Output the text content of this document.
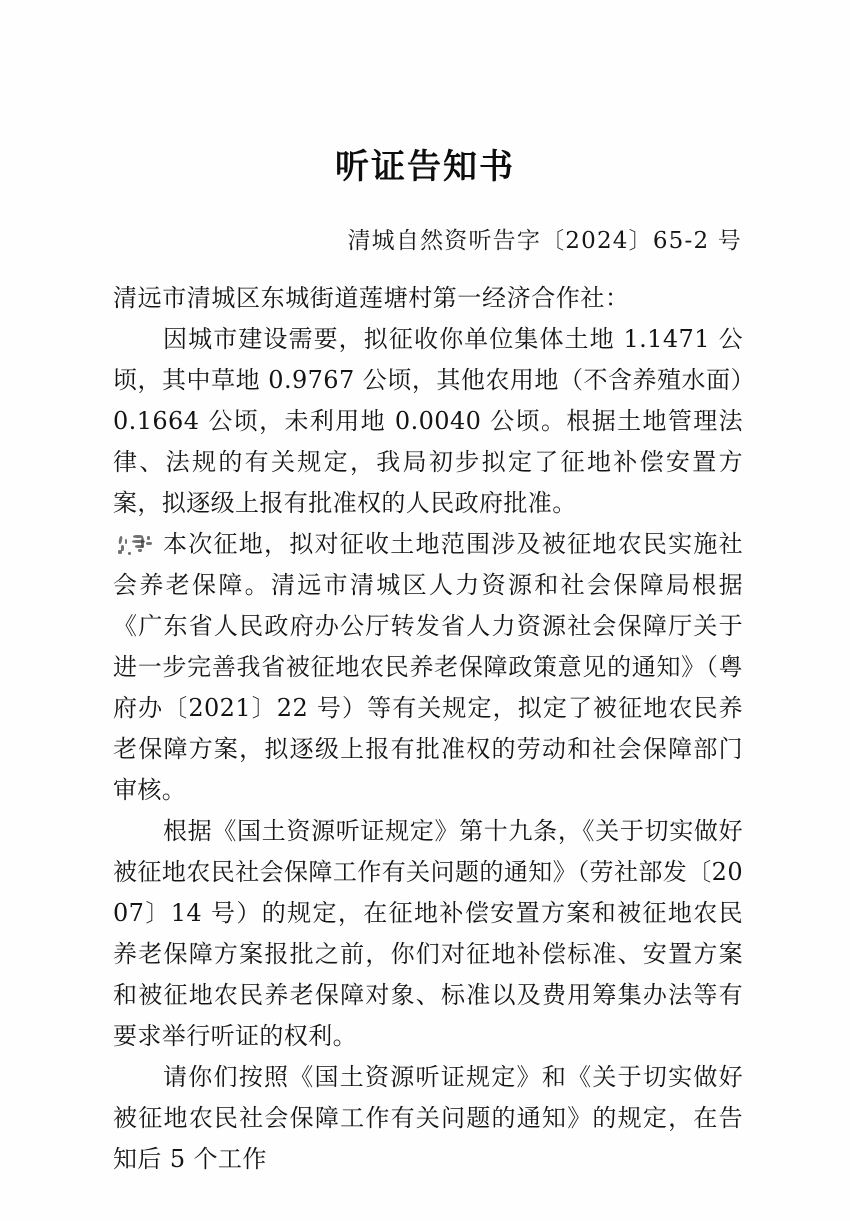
听证告知书
清城自然资听告字〔2024〕65-2 号
清远市清城区东城街道莲塘村第一经济合作社：

因城市建设需要，拟征收你单位集体土地 1.1471 公顷，其中草地 0.9767 公顷，其他农用地（不含养殖水面）0.1664 公顷，未利用地 0.0040 公顷。根据土地管理法律、法规的有关规定，我局初步拟定了征地补偿安置方案，拟逐级上报有批准权的人民政府批准。

本次征地，拟对征收土地范围涉及被征地农民实施社会养老保障。清远市清城区人力资源和社会保障局根据《广东省人民政府办公厅转发省人力资源社会保障厅关于进一步完善我省被征地农民养老保障政策意见的通知》（粤府办〔2021〕22 号）等有关规定，拟定了被征地农民养老保障方案，拟逐级上报有批准权的劳动和社会保障部门审核。

根据《国土资源听证规定》第十九条，《关于切实做好被征地农民社会保障工作有关问题的通知》（劳社部发〔2007〕14 号）的规定，在征地补偿安置方案和被征地农民养老保障方案报批之前，你们对征地补偿标准、安置方案和被征地农民养老保障对象、标准以及费用筹集办法等有要求举行听证的权利。

请你们按照《国土资源听证规定》和《关于切实做好被征地农民社会保障工作有关问题的通知》的规定，在告知后 5 个工作
